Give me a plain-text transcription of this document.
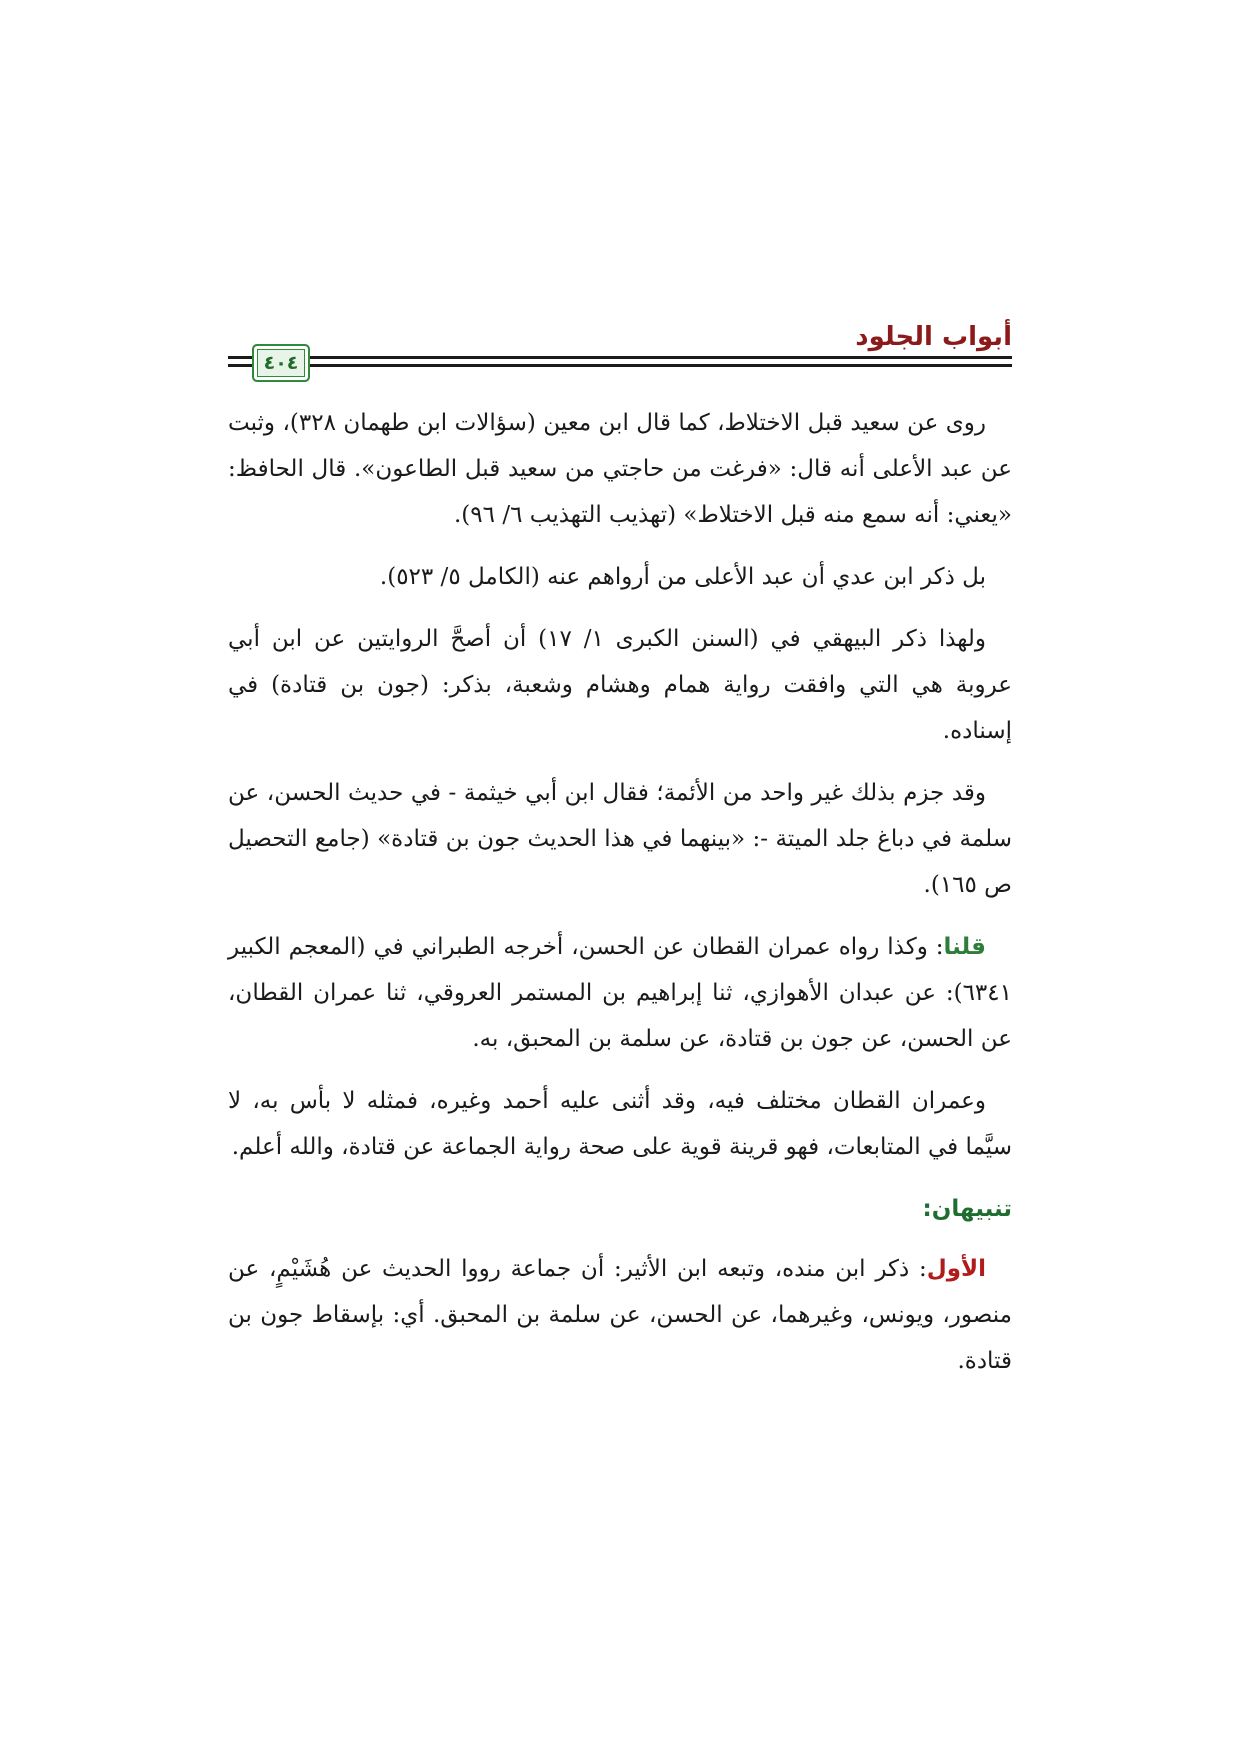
أبواب الجلود
٤٠٤

روى عن سعيد قبل الاختلاط، كما قال ابن معين (سؤالات ابن طهمان ٣٢٨)، وثبت عن عبد الأعلى أنه قال: «فرغت من حاجتي من سعيد قبل الطاعون». قال الحافظ: «يعني: أنه سمع منه قبل الاختلاط» (تهذيب التهذيب ٦/ ٩٦).

بل ذكر ابن عدي أن عبد الأعلى من أرواهم عنه (الكامل ٥/ ٥٢٣).

ولهذا ذكر البيهقي في (السنن الكبرى ١/ ١٧) أن أصحَّ الروايتين عن ابن أبي عروبة هي التي وافقت رواية همام وهشام وشعبة، بذكر: (جون بن قتادة) في إسناده.

وقد جزم بذلك غير واحد من الأئمة؛ فقال ابن أبي خيثمة - في حديث الحسن، عن سلمة في دباغ جلد الميتة -: «بينهما في هذا الحديث جون بن قتادة» (جامع التحصيل ص ١٦٥).

قلنا: وكذا رواه عمران القطان عن الحسن، أخرجه الطبراني في (المعجم الكبير ٦٣٤١): عن عبدان الأهوازي، ثنا إبراهيم بن المستمر العروقي، ثنا عمران القطان، عن الحسن، عن جون بن قتادة، عن سلمة بن المحبق، به.

وعمران القطان مختلف فيه، وقد أثنى عليه أحمد وغيره، فمثله لا بأس به، لا سيَّما في المتابعات، فهو قرينة قوية على صحة رواية الجماعة عن قتادة، والله أعلم.

تنبيهان:

الأول: ذكر ابن منده، وتبعه ابن الأثير: أن جماعة رووا الحديث عن هُشَيْمٍ، عن منصور، ويونس، وغيرهما، عن الحسن، عن سلمة بن المحبق. أي: بإسقاط جون بن قتادة.
